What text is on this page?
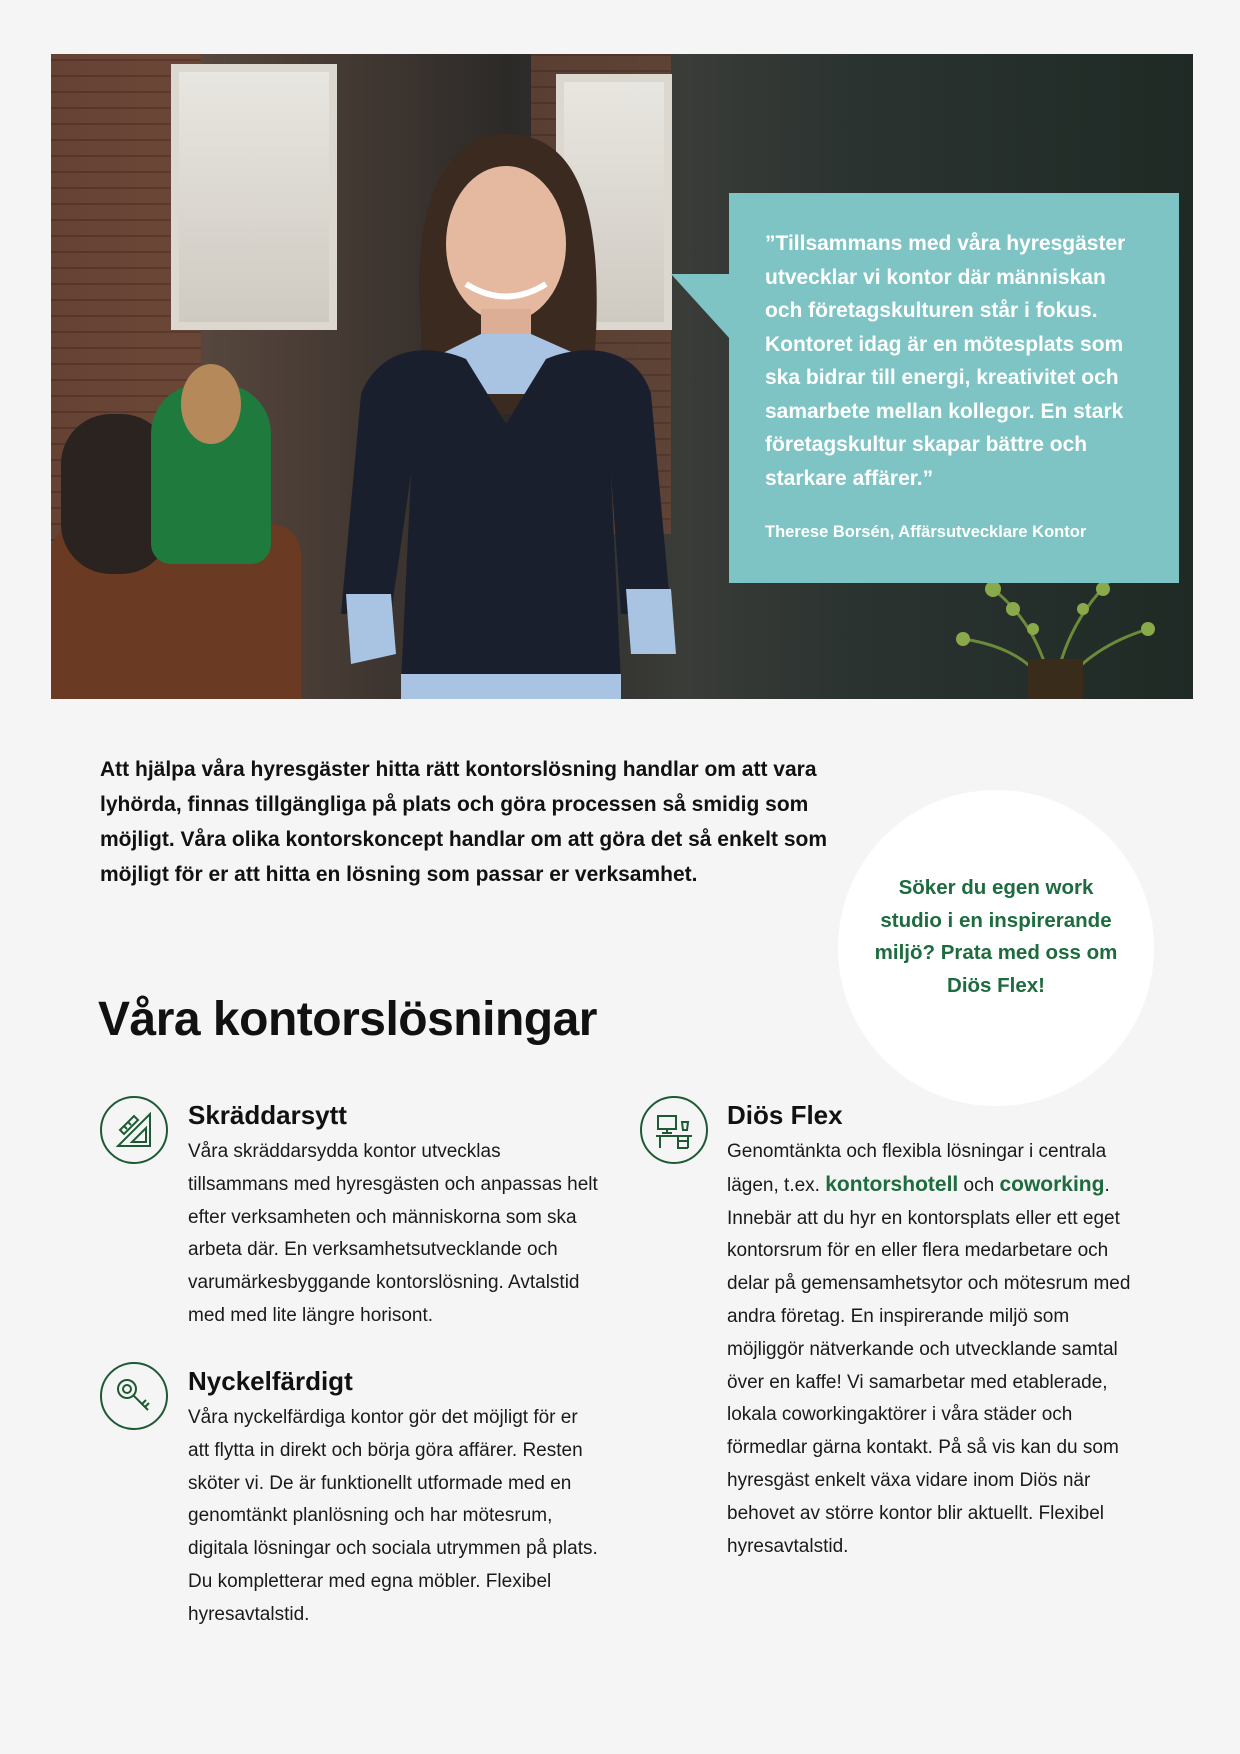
”Tillsammans med våra hyresgäster utvecklar vi kontor där människan och företagskulturen står i fokus. Kontoret idag är en mötesplats som ska bidrar till energi, kreativitet och samarbete mellan kollegor. En stark företagskultur skapar bättre och starkare affärer.”
Therese Borsén, Affärsutvecklare Kontor
Att hjälpa våra hyresgäster hitta rätt kontorslösning handlar om att vara lyhörda, finnas tillgängliga på plats och göra processen så smidig som möjligt. Våra olika kontorskoncept handlar om att göra det så enkelt som möjligt för er att hitta en lösning som passar er verksamhet.
Söker du egen work studio i en inspirerande miljö? Prata med oss om Diös Flex!
Våra kontorslösningar
Skräddarsytt
Våra skräddarsydda kontor utvecklas tillsammans med hyresgästen och anpassas helt efter verksamheten och människorna som ska arbeta där. En verksamhetsutvecklande och varumärkesbyggande kontorslösning. Avtalstid med med lite längre horisont.
Nyckelfärdigt
Våra nyckelfärdiga kontor gör det möjligt för er att flytta in direkt och börja göra affärer. Resten sköter vi. De är funktionellt utformade med en genomtänkt planlösning och har mötesrum, digitala lösningar och sociala utrymmen på plats. Du kompletterar med egna möbler. Flexibel hyresavtalstid.
Diös Flex
Genomtänkta och flexibla lösningar i centrala lägen, t.ex. kontorshotell och coworking. Innebär att du hyr en kontorsplats eller ett eget kontorsrum för en eller flera medarbetare och delar på gemensamhetsytor och mötesrum med andra företag. En inspirerande miljö som möjliggör nätverkande och utvecklande samtal över en kaffe! Vi samarbetar med etablerade, lokala coworkingaktörer i våra städer och förmedlar gärna kontakt. På så vis kan du som hyresgäst enkelt växa vidare inom Diös när behovet av större kontor blir aktuellt. Flexibel hyresavtalstid.
